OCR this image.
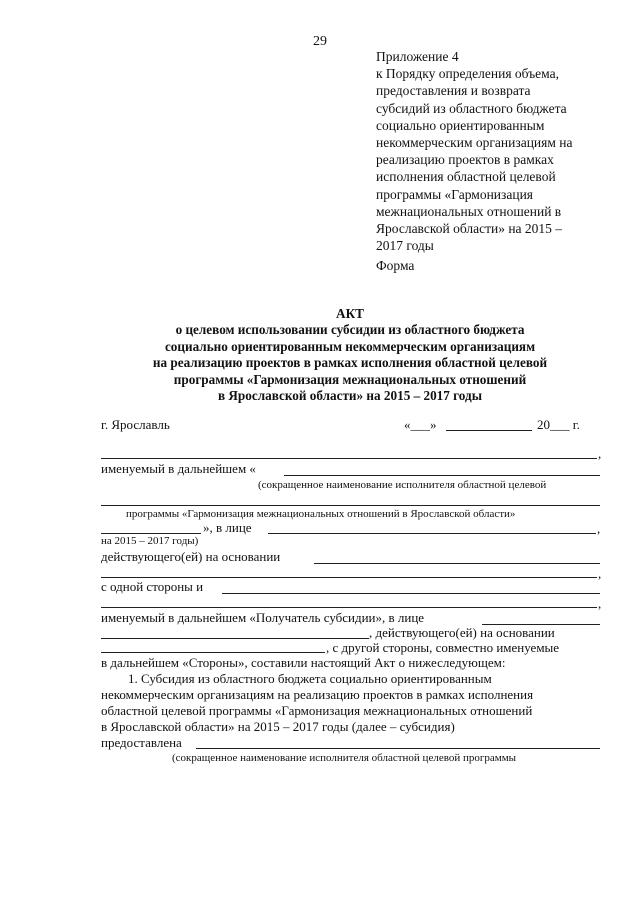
29
Приложение 4
к Порядку определения объема,
предоставления и возврата
субсидий из областного бюджета
социально ориентированным
некоммерческим организациям на
реализацию проектов в рамках
исполнения областной целевой
программы «Гармонизация
межнациональных отношений в
Ярославской области» на 2015 –
2017 годы
Форма
АКТ
о целевом использовании субсидии из областного бюджета
социально ориентированным некоммерческим организациям
на реализацию проектов в рамках исполнения областной целевой
программы «Гармонизация межнациональных отношений
в Ярославской области» на 2015 – 2017 годы
г. Ярославль	«___»	20___ г.
,
именуемый в дальнейшем «
(сокращенное наименование исполнителя областной целевой
программы «Гармонизация межнациональных отношений в Ярославской области»
», в лице	,
на 2015 – 2017 годы)
действующего(ей) на основании
,
с одной стороны и
,
именуемый в дальнейшем «Получатель субсидии», в лице
, действующего(ей) на основании
, с другой стороны, совместно именуемые
в дальнейшем «Стороны», составили настоящий Акт о нижеследующем:
1. Субсидия из областного бюджета социально ориентированным
некоммерческим организациям на реализацию проектов в рамках исполнения
областной целевой программы «Гармонизация межнациональных отношений
в Ярославской области» на 2015 – 2017 годы (далее – субсидия)
предоставлена
(сокращенное наименование исполнителя областной целевой программы
